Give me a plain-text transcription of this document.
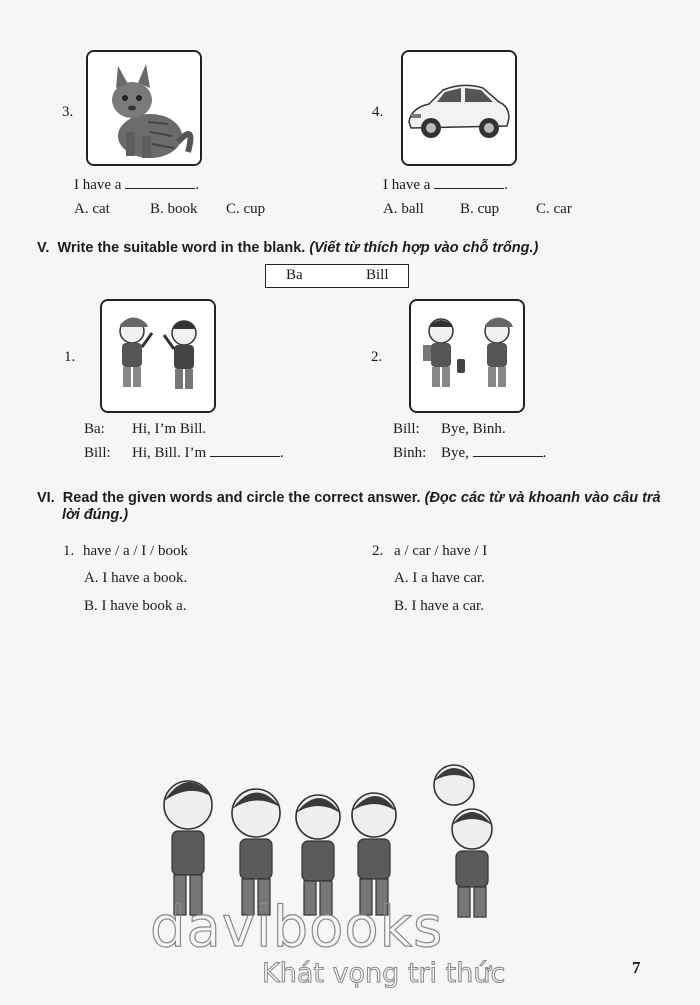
3.
I have a	.
A. cat	B. book C. cup
4.
I have a	.
A. ball B. cup C. car
V. Write the suitable word in the blank. (Viết từ thích hợp vào chỗ trống.)
Ba	Bill
1.
Ba: Hi, I’m Bill.
Bill: Hi, Bill. I’m	.
2.
Bill: Bye, Binh.
Binh: Bye,	.
VI. Read the given words and circle the correct answer. (Đọc các từ và khoanh vào câu trả
lời đúng.)
1. have / a / I / book
A. I have a book.
B. I have book a.
2. a / car / have / I
A. I a have car.
B. I have a car.
davibooks
Khát vọng tri thức	7
